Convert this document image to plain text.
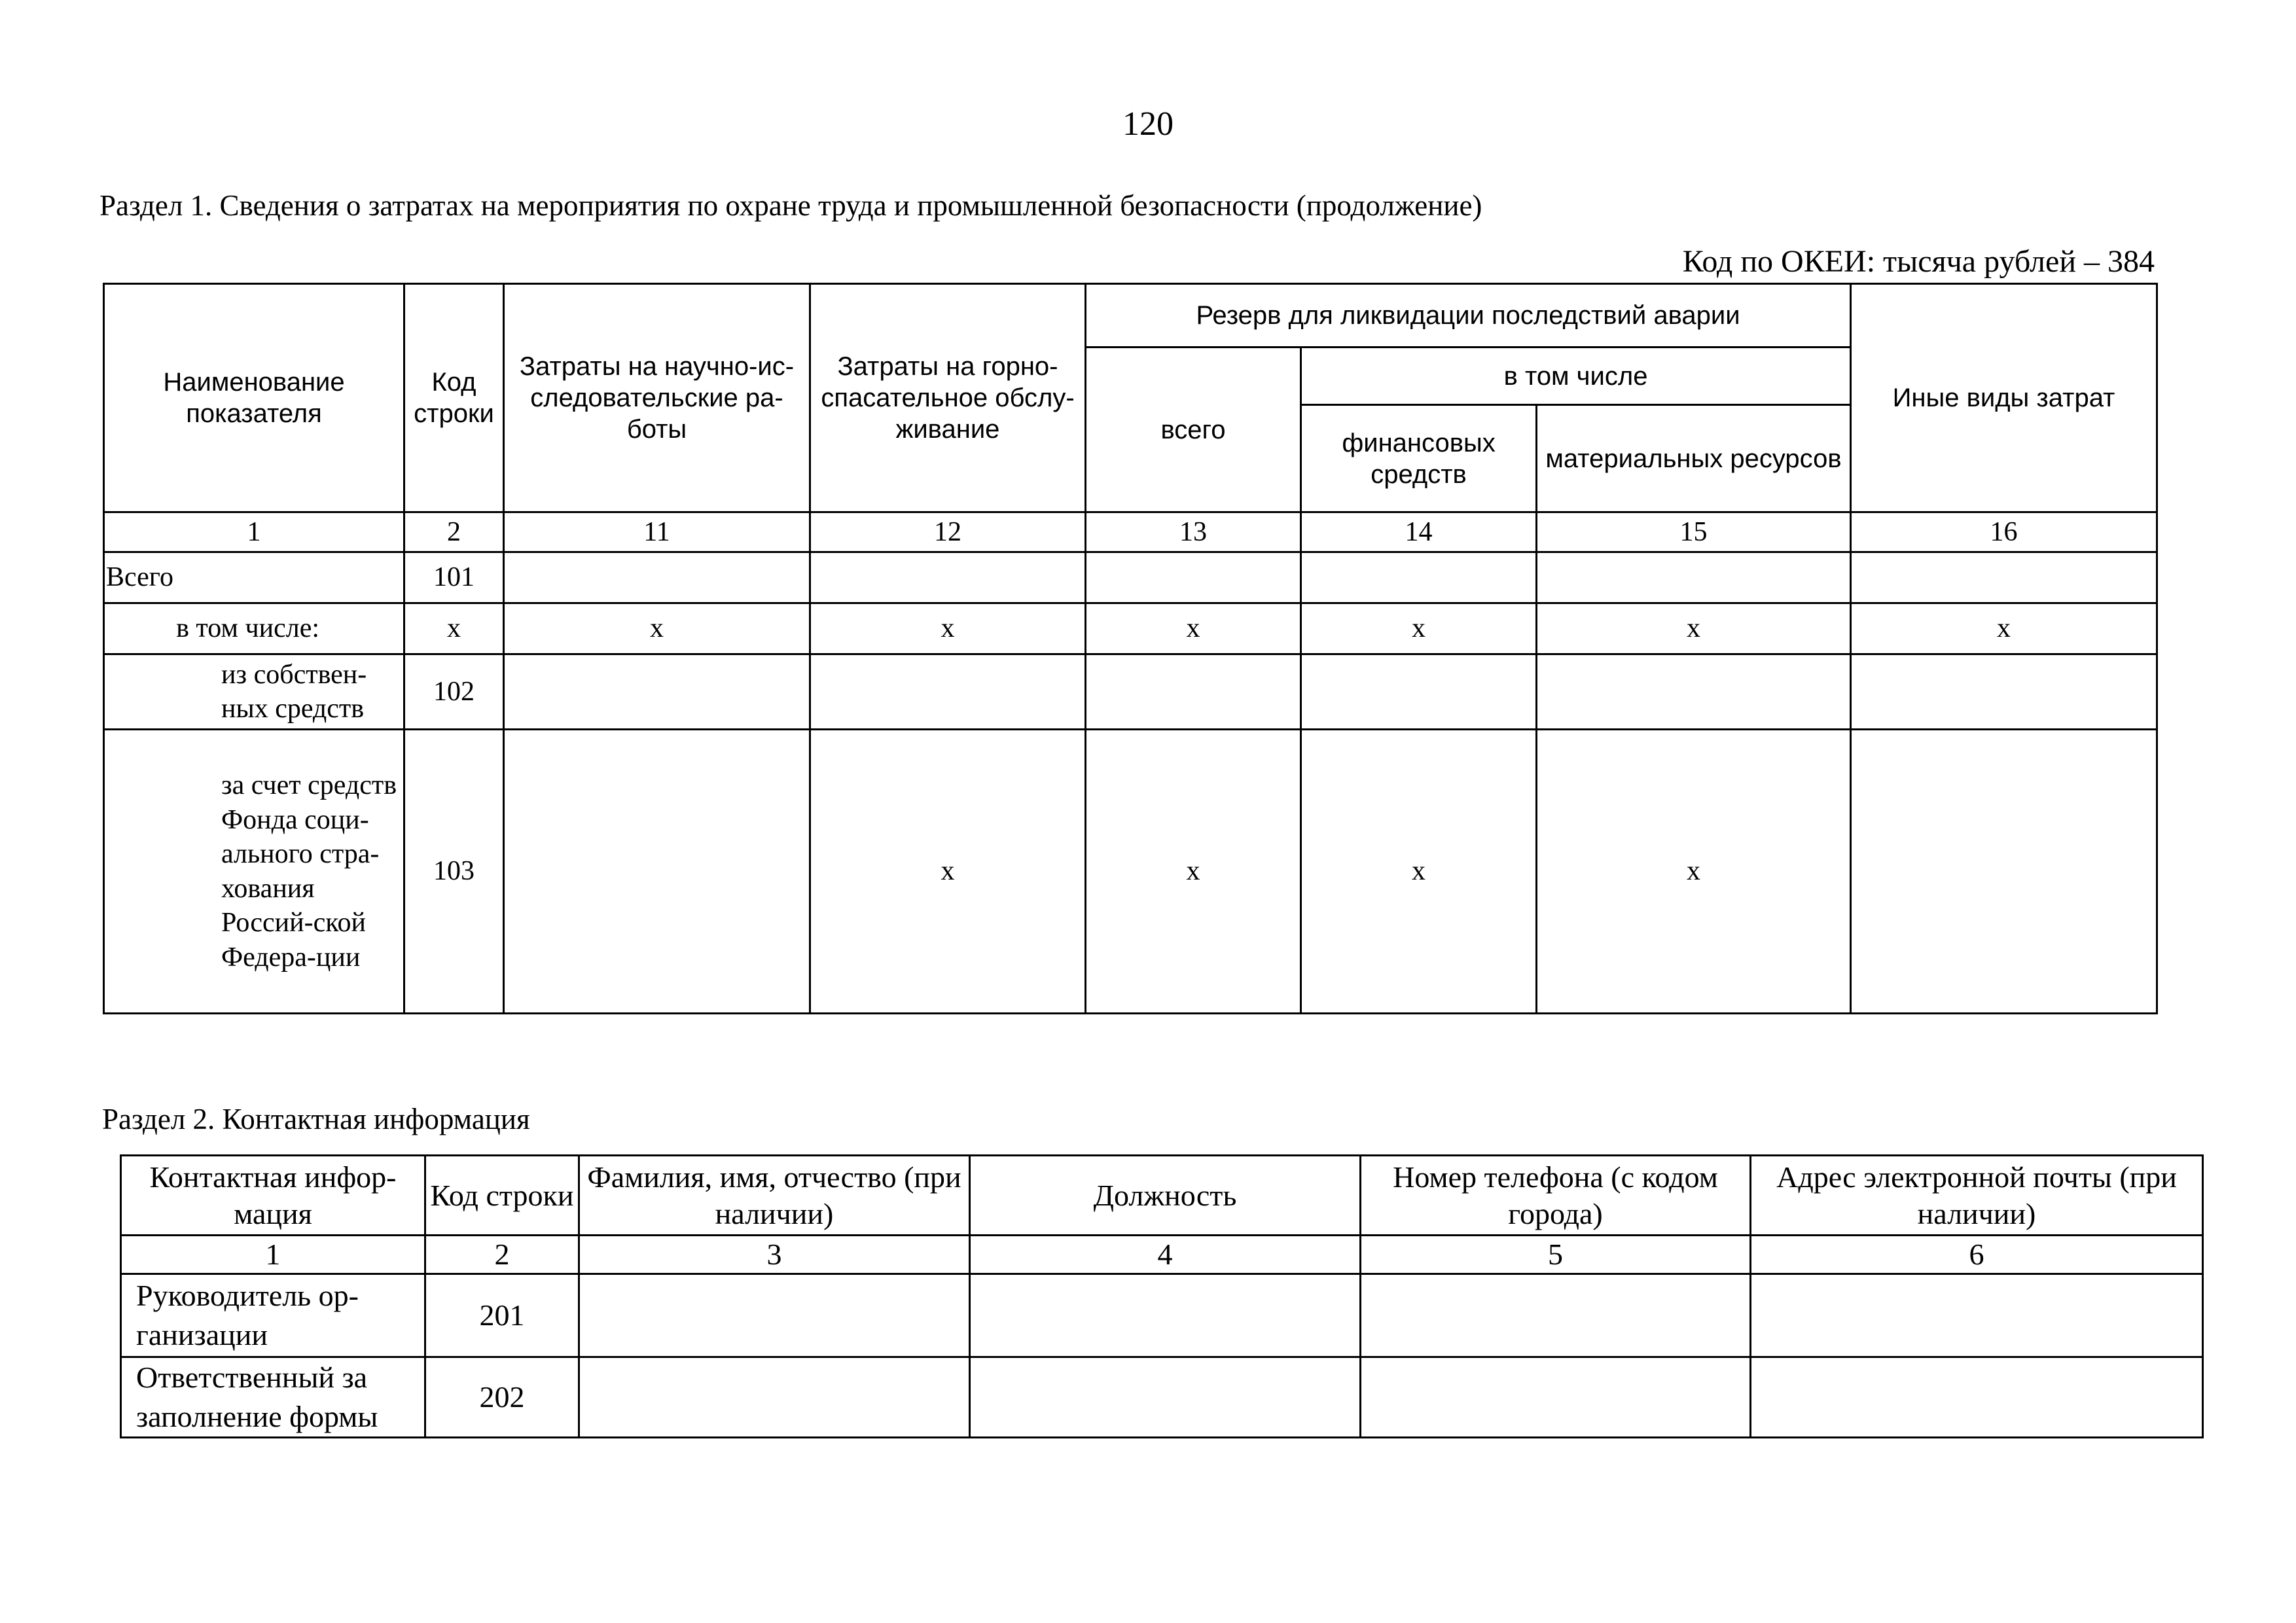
120
Раздел 1. Сведения о затратах на мероприятия по охране труда и промышленной безопасности (продолжение)
Код по ОКЕИ: тысяча рублей – 384
Наименование показателя	Код строки	Затраты на научно-ис-следовательские ра-боты	Затраты на горно-спасательное обслу-живание	Резерв для ликвидации последствий аварии			Иные виды затрат
				всего	в том числе		
					финансовых средств	материальных ресурсов	
1	2	11	12	13	14	15	16
Всего	101						
в том числе:	х	х	х	х	х	х	х
из собствен-ных средств	102						
за счет средств Фонда соци-ального стра-хования Россий-ской Федера-ции	103		х	х	х	х	
Раздел 2. Контактная информация
Контактная инфор-мация	Код строки	Фамилия, имя, отчество (при наличии)	Должность	Номер телефона (с кодом города)	Адрес электронной почты (при наличии)
1	2	3	4	5	6
Руководитель ор-ганизации	201				
Ответственный за заполнение формы	202				
